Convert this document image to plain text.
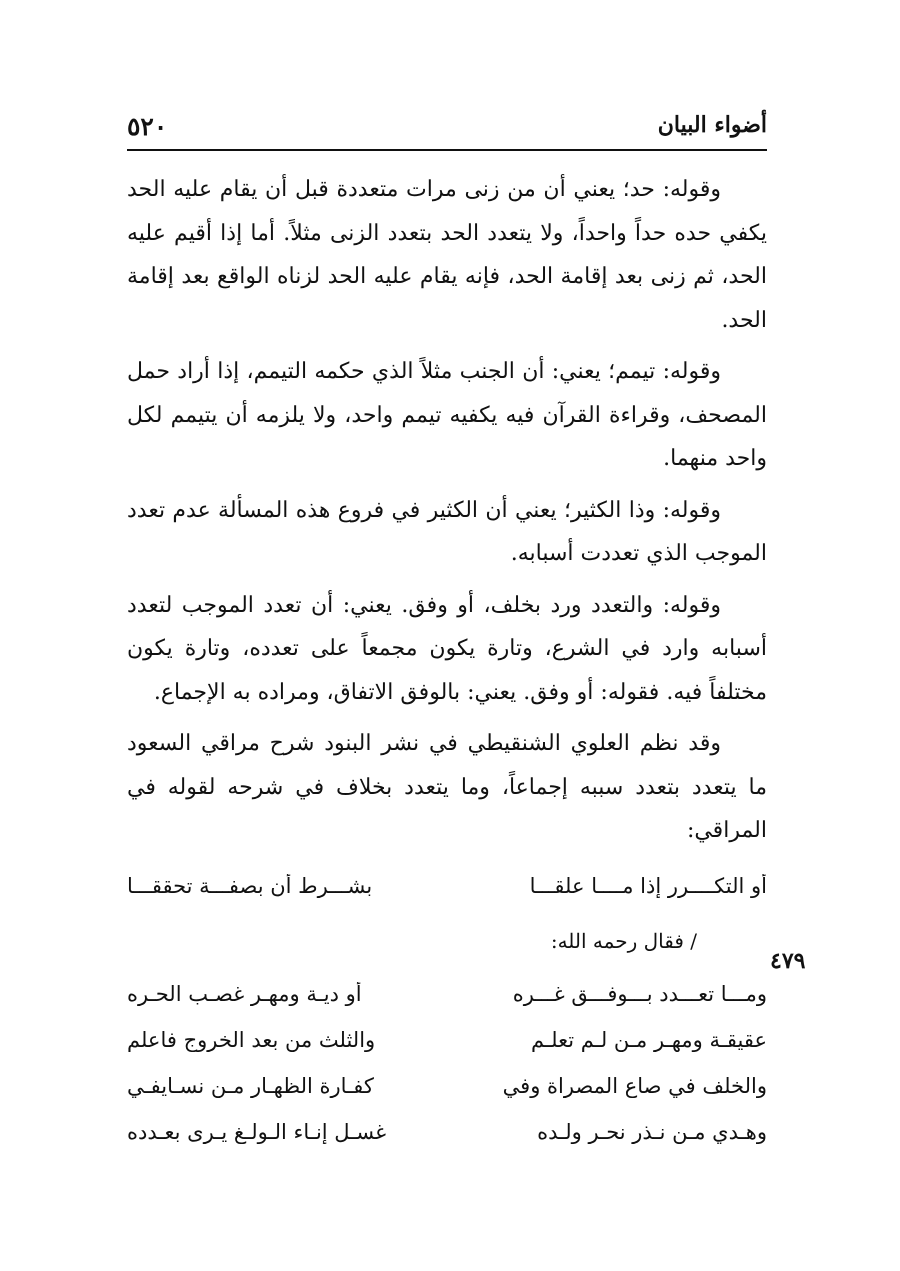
٥٢٠	أضواء البيان

وقوله: حد؛ يعني أن من زنى مرات متعددة قبل أن يقام عليه الحد يكفي حده حداً واحداً، ولا يتعدد الحد بتعدد الزنى مثلاً. أما إذا أقيم عليه الحد، ثم زنى بعد إقامة الحد، فإنه يقام عليه الحد لزناه الواقع بعد إقامة الحد.

وقوله: تيمم؛ يعني: أن الجنب مثلاً الذي حكمه التيمم، إذا أراد حمل المصحف، وقراءة القرآن فيه يكفيه تيمم واحد، ولا يلزمه أن يتيمم لكل واحد منهما.

وقوله: وذا الكثير؛ يعني أن الكثير في فروع هذه المسألة عدم تعدد الموجب الذي تعددت أسبابه.

وقوله: والتعدد ورد بخلف، أو وفق. يعني: أن تعدد الموجب لتعدد أسبابه وارد في الشرع، وتارة يكون مجمعاً على تعدده، وتارة يكون مختلفاً فيه. فقوله: أو وفق. يعني: بالوفق الاتفاق، ومراده به الإجماع.

وقد نظم العلوي الشنقيطي في نشر البنود شرح مراقي السعود ما يتعدد بتعدد سببه إجماعاً، وما يتعدد بخلاف في شرحه لقوله في المراقي:

أو التكــــرر إذا مــــا علقـــا
بشـــرط أن بصفـــة تحققـــا
/ فقال رحمه الله:
ومـــا تعـــدد بـــوفـــق غـــره
أو ديـة ومهـر غصـب الحـره
عقيقـة ومهـر مـن لـم تعلـم
والثلث من بعد الخروج فاعلم
والخلف في صاع المصراة وفي
كفـارة الظهـار مـن نسـايفـي
وهـدي مـن نـذر نحـر ولـده
غسـل إنـاء الـولـغ يـرى بعـدده
٤٧٩
